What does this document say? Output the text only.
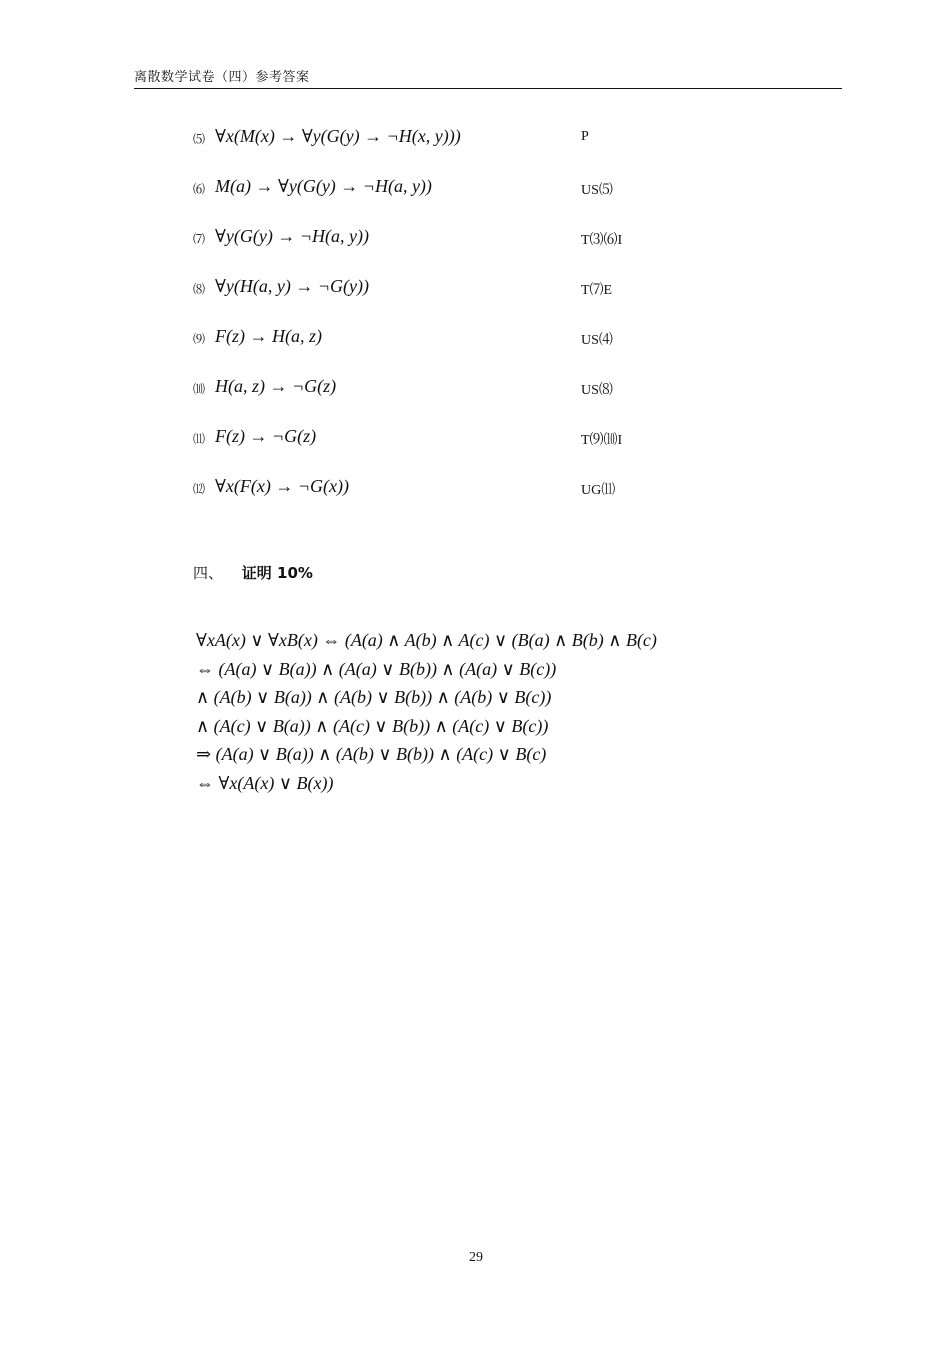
离散数学试卷（四）参考答案
⑸ ∀x(M(x) → ∀y(G(y) → ¬H(x, y)))	P
⑹ M(a) → ∀y(G(y) → ¬H(a, y))	US⑸
⑺ ∀y(G(y) → ¬H(a, y))	T⑶⑹I
⑻ ∀y(H(a, y) → ¬G(y))	T⑺E
⑼ F(z) → H(a, z)	US⑷
⑽ H(a, z) → ¬G(z)	US⑻
⑾ F(z) → ¬G(z)	T⑼⑽I
⑿ ∀x(F(x) → ¬G(x))	UG⑾
四、 证明 10%
∀xA(x) ∨ ∀xB(x) ⇔ (A(a) ∧ A(b) ∧ A(c) ∨ (B(a) ∧ B(b) ∧ B(c)
⇔ (A(a) ∨ B(a)) ∧ (A(a) ∨ B(b)) ∧ (A(a) ∨ B(c))
∧ (A(b) ∨ B(a)) ∧ (A(b) ∨ B(b)) ∧ (A(b) ∨ B(c))
∧ (A(c) ∨ B(a)) ∧ (A(c) ∨ B(b)) ∧ (A(c) ∨ B(c))
⇒ (A(a) ∨ B(a)) ∧ (A(b) ∨ B(b)) ∧ (A(c) ∨ B(c)
⇔ ∀x(A(x) ∨ B(x))
29
